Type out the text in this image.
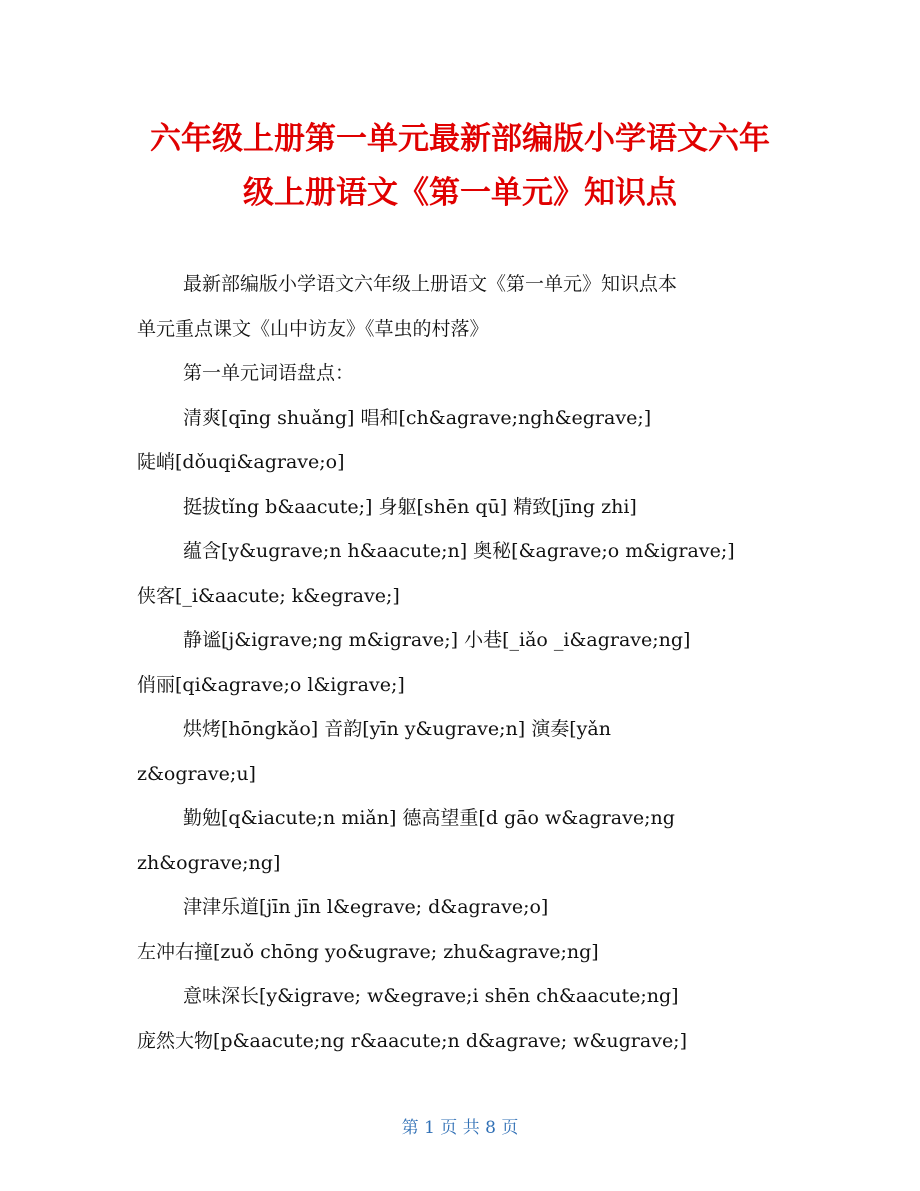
六年级上册第一单元最新部编版小学语文六年
级上册语文《第一单元》知识点

最新部编版小学语文六年级上册语文《第一单元》知识点本

单元重点课文《山中访友》《草虫的村落》

第一单元词语盘点：

清爽[qīng shuǎng] 唱和[ch&agrave;ngh&egrave;]

陡峭[dǒuqi&agrave;o]

挺拔tǐng b&aacute;] 身躯[shēn qū] 精致[jīng zhi]

蕴含[y&ugrave;n h&aacute;n] 奥秘[&agrave;o m&igrave;]

侠客[_i&aacute; k&egrave;]

静谧[j&igrave;ng m&igrave;] 小巷[_iǎo _i&agrave;ng]

俏丽[qi&agrave;o l&igrave;]

烘烤[hōngkǎo] 音韵[yīn y&ugrave;n] 演奏[yǎn

z&ograve;u]

勤勉[q&iacute;n miǎn] 德高望重[d gāo w&agrave;ng

zh&ograve;ng]

津津乐道[jīn jīn l&egrave; d&agrave;o]

左冲右撞[zuǒ chōng yo&ugrave; zhu&agrave;ng]

意味深长[y&igrave; w&egrave;i shēn ch&aacute;ng]

庞然大物[p&aacute;ng r&aacute;n d&agrave; w&ugrave;]

第 1 页 共 8 页
